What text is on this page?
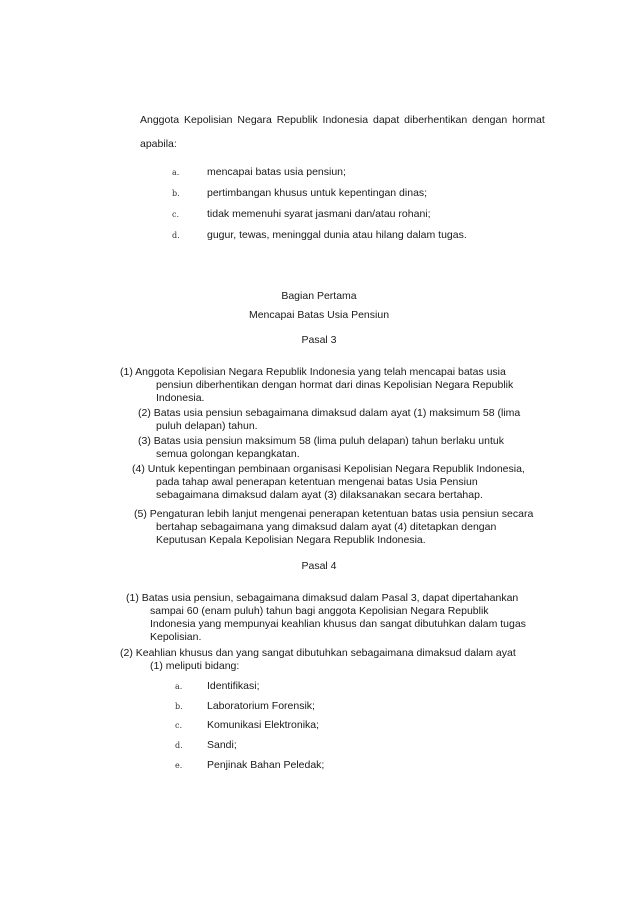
Anggota Kepolisian Negara Republik Indonesia dapat diberhentikan dengan hormat
apabila:
a.	mencapai batas usia pensiun;
b.	pertimbangan khusus untuk kepentingan dinas;
c.	tidak memenuhi syarat jasmani dan/atau rohani;
d.	gugur, tewas, meninggal dunia atau hilang dalam tugas.
Bagian Pertama
Mencapai Batas Usia Pensiun
Pasal 3
(1) Anggota Kepolisian Negara Republik Indonesia yang telah mencapai batas usia
pensiun diberhentikan dengan hormat dari dinas Kepolisian Negara Republik
Indonesia.
(2) Batas usia pensiun sebagaimana dimaksud dalam ayat (1) maksimum 58 (lima
puluh delapan) tahun.
(3) Batas usia pensiun maksimum 58 (lima puluh delapan) tahun berlaku untuk
semua golongan kepangkatan.
(4) Untuk kepentingan pembinaan organisasi Kepolisian Negara Republik Indonesia,
pada tahap awal penerapan ketentuan mengenai batas Usia Pensiun
sebagaimana dimaksud dalam ayat (3) dilaksanakan secara bertahap.
(5) Pengaturan lebih lanjut mengenai penerapan ketentuan batas usia pensiun secara
bertahap sebagaimana yang dimaksud dalam ayat (4) ditetapkan dengan
Keputusan Kepala Kepolisian Negara Republik Indonesia.
Pasal 4
(1) Batas usia pensiun, sebagaimana dimaksud dalam Pasal 3, dapat dipertahankan
sampai 60 (enam puluh) tahun bagi anggota Kepolisian Negara Republik
Indonesia yang mempunyai keahlian khusus dan sangat dibutuhkan dalam tugas
Kepolisian.
(2) Keahlian khusus dan yang sangat dibutuhkan sebagaimana dimaksud dalam ayat
(1) meliputi bidang:
a. Identifikasi;
b. Laboratorium Forensik;
c. Komunikasi Elektronika;
d. Sandi;
e. Penjinak Bahan Peledak;
